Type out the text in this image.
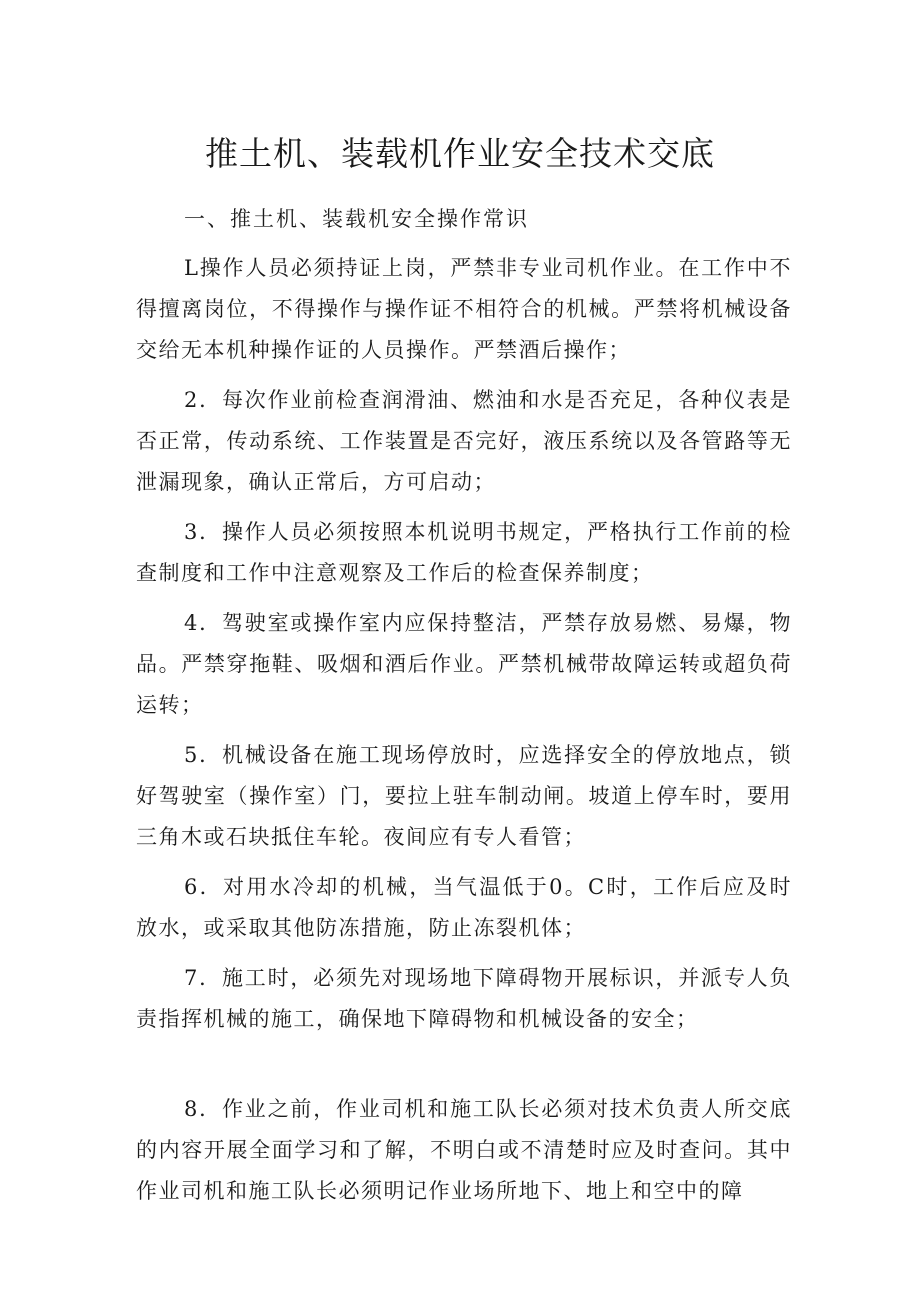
推土机、装载机作业安全技术交底

一、推土机、装载机安全操作常识

L操作人员必须持证上岗，严禁非专业司机作业。在工作中不得擅离岗位，不得操作与操作证不相符合的机械。严禁将机械设备交给无本机种操作证的人员操作。严禁酒后操作；

2．每次作业前检查润滑油、燃油和水是否充足，各种仪表是否正常，传动系统、工作装置是否完好，液压系统以及各管路等无泄漏现象，确认正常后，方可启动；

3．操作人员必须按照本机说明书规定，严格执行工作前的检查制度和工作中注意观察及工作后的检查保养制度；

4．驾驶室或操作室内应保持整洁，严禁存放易燃、易爆，物品。严禁穿拖鞋、吸烟和酒后作业。严禁机械带故障运转或超负荷运转；

5．机械设备在施工现场停放时，应选择安全的停放地点，锁好驾驶室（操作室）门，要拉上驻车制动闸。坡道上停车时，要用三角木或石块抵住车轮。夜间应有专人看管；

6．对用水冷却的机械，当气温低于0。C时，工作后应及时放水，或采取其他防冻措施，防止冻裂机体；

7．施工时，必须先对现场地下障碍物开展标识，并派专人负责指挥机械的施工，确保地下障碍物和机械设备的安全；

8．作业之前，作业司机和施工队长必须对技术负责人所交底的内容开展全面学习和了解，不明白或不清楚时应及时查问。其中作业司机和施工队长必须明记作业场所地下、地上和空中的障
